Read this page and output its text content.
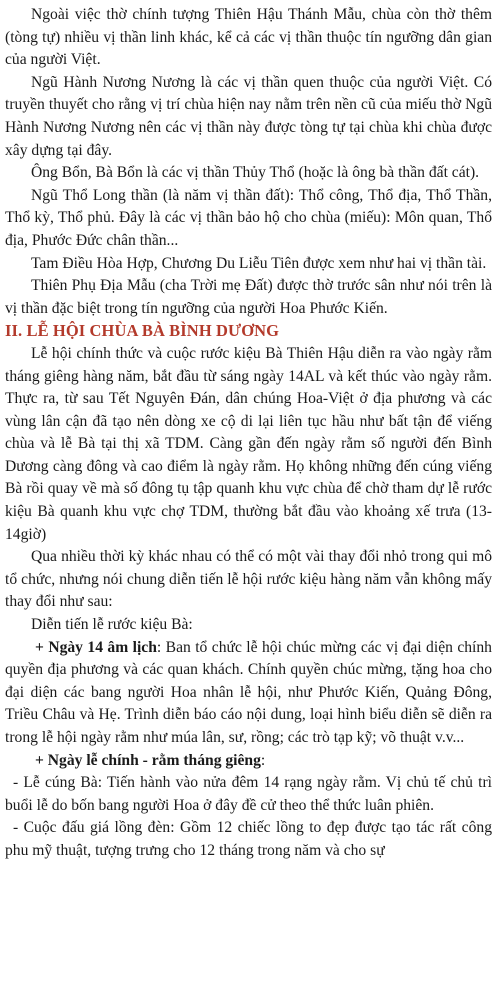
Ngoài việc thờ chính tượng Thiên Hậu Thánh Mẫu, chùa còn thờ thêm (tòng tự) nhiều vị thần linh khác, kể cả các vị thần thuộc tín ngưỡng dân gian của người Việt.

Ngũ Hành Nương Nương là các vị thần quen thuộc của người Việt. Có truyền thuyết cho rằng vị trí chùa hiện nay nằm trên nền cũ của miếu thờ Ngũ Hành Nương Nương nên các vị thần này được tòng tự tại chùa khi chùa được xây dựng tại đây.

Ông Bổn, Bà Bổn là các vị thần Thủy Thổ (hoặc là ông bà thần đất cát).

Ngũ Thổ Long thần (là năm vị thần đất): Thổ công, Thổ địa, Thổ Thần, Thổ kỳ, Thổ phủ. Đây là các vị thần bảo hộ cho chùa (miếu): Môn quan, Thổ địa, Phước Đức chân thần...

Tam Điều Hòa Hợp, Chương Du Liễu Tiên được xem như hai vị thần tài.

Thiên Phụ Địa Mẫu (cha Trời mẹ Đất) được thờ trước sân như nói trên là vị thần đặc biệt trong tín ngưỡng của người Hoa Phước Kiến.

II. LỄ HỘI CHÙA BÀ BÌNH DƯƠNG

Lễ hội chính thức và cuộc rước kiệu Bà Thiên Hậu diễn ra vào ngày rằm tháng giêng hàng năm, bắt đầu từ sáng ngày 14AL và kết thúc vào ngày rằm. Thực ra, từ sau Tết Nguyên Đán, dân chúng Hoa-Việt ở địa phương và các vùng lân cận đã tạo nên dòng xe cộ di lại liên tục hầu như bất tận để viếng chùa và lễ Bà tại thị xã TDM. Càng gần đến ngày rằm số người đến Bình Dương càng đông và cao điểm là ngày rằm. Họ không những đến cúng viếng Bà rồi quay về mà số đông tụ tập quanh khu vực chùa để chờ tham dự lễ rước kiệu Bà quanh khu vực chợ TDM, thường bắt đầu vào khoảng xế trưa (13-14giờ)

Qua nhiều thời kỳ khác nhau có thể có một vài thay đổi nhỏ trong qui mô tổ chức, nhưng nói chung diễn tiến lễ hội rước kiệu hàng năm vẫn không mấy thay đổi như sau:

Diễn tiến lễ rước kiệu Bà:

+ Ngày 14 âm lịch: Ban tổ chức lễ hội chúc mừng các vị đại diện chính quyền địa phương và các quan khách. Chính quyền chúc mừng, tặng hoa cho đại diện các bang người Hoa nhân lễ hội, như Phước Kiến, Quảng Đông, Triều Châu và Hẹ. Trình diễn báo cáo nội dung, loại hình biểu diễn sẽ diễn ra trong lễ hội ngày rằm như múa lân, sư, rồng; các trò tạp kỹ; võ thuật v.v...

+ Ngày lễ chính - rằm tháng giêng:

- Lễ cúng Bà: Tiến hành vào nửa đêm 14 rạng ngày rằm. Vị chủ tế chủ trì buổi lễ do bốn bang người Hoa ở đây đề cử theo thể thức luân phiên.

- Cuộc đấu giá lồng đèn: Gồm 12 chiếc lồng to đẹp được tạo tác rất công phu mỹ thuật, tượng trưng cho 12 tháng trong năm và cho sự
